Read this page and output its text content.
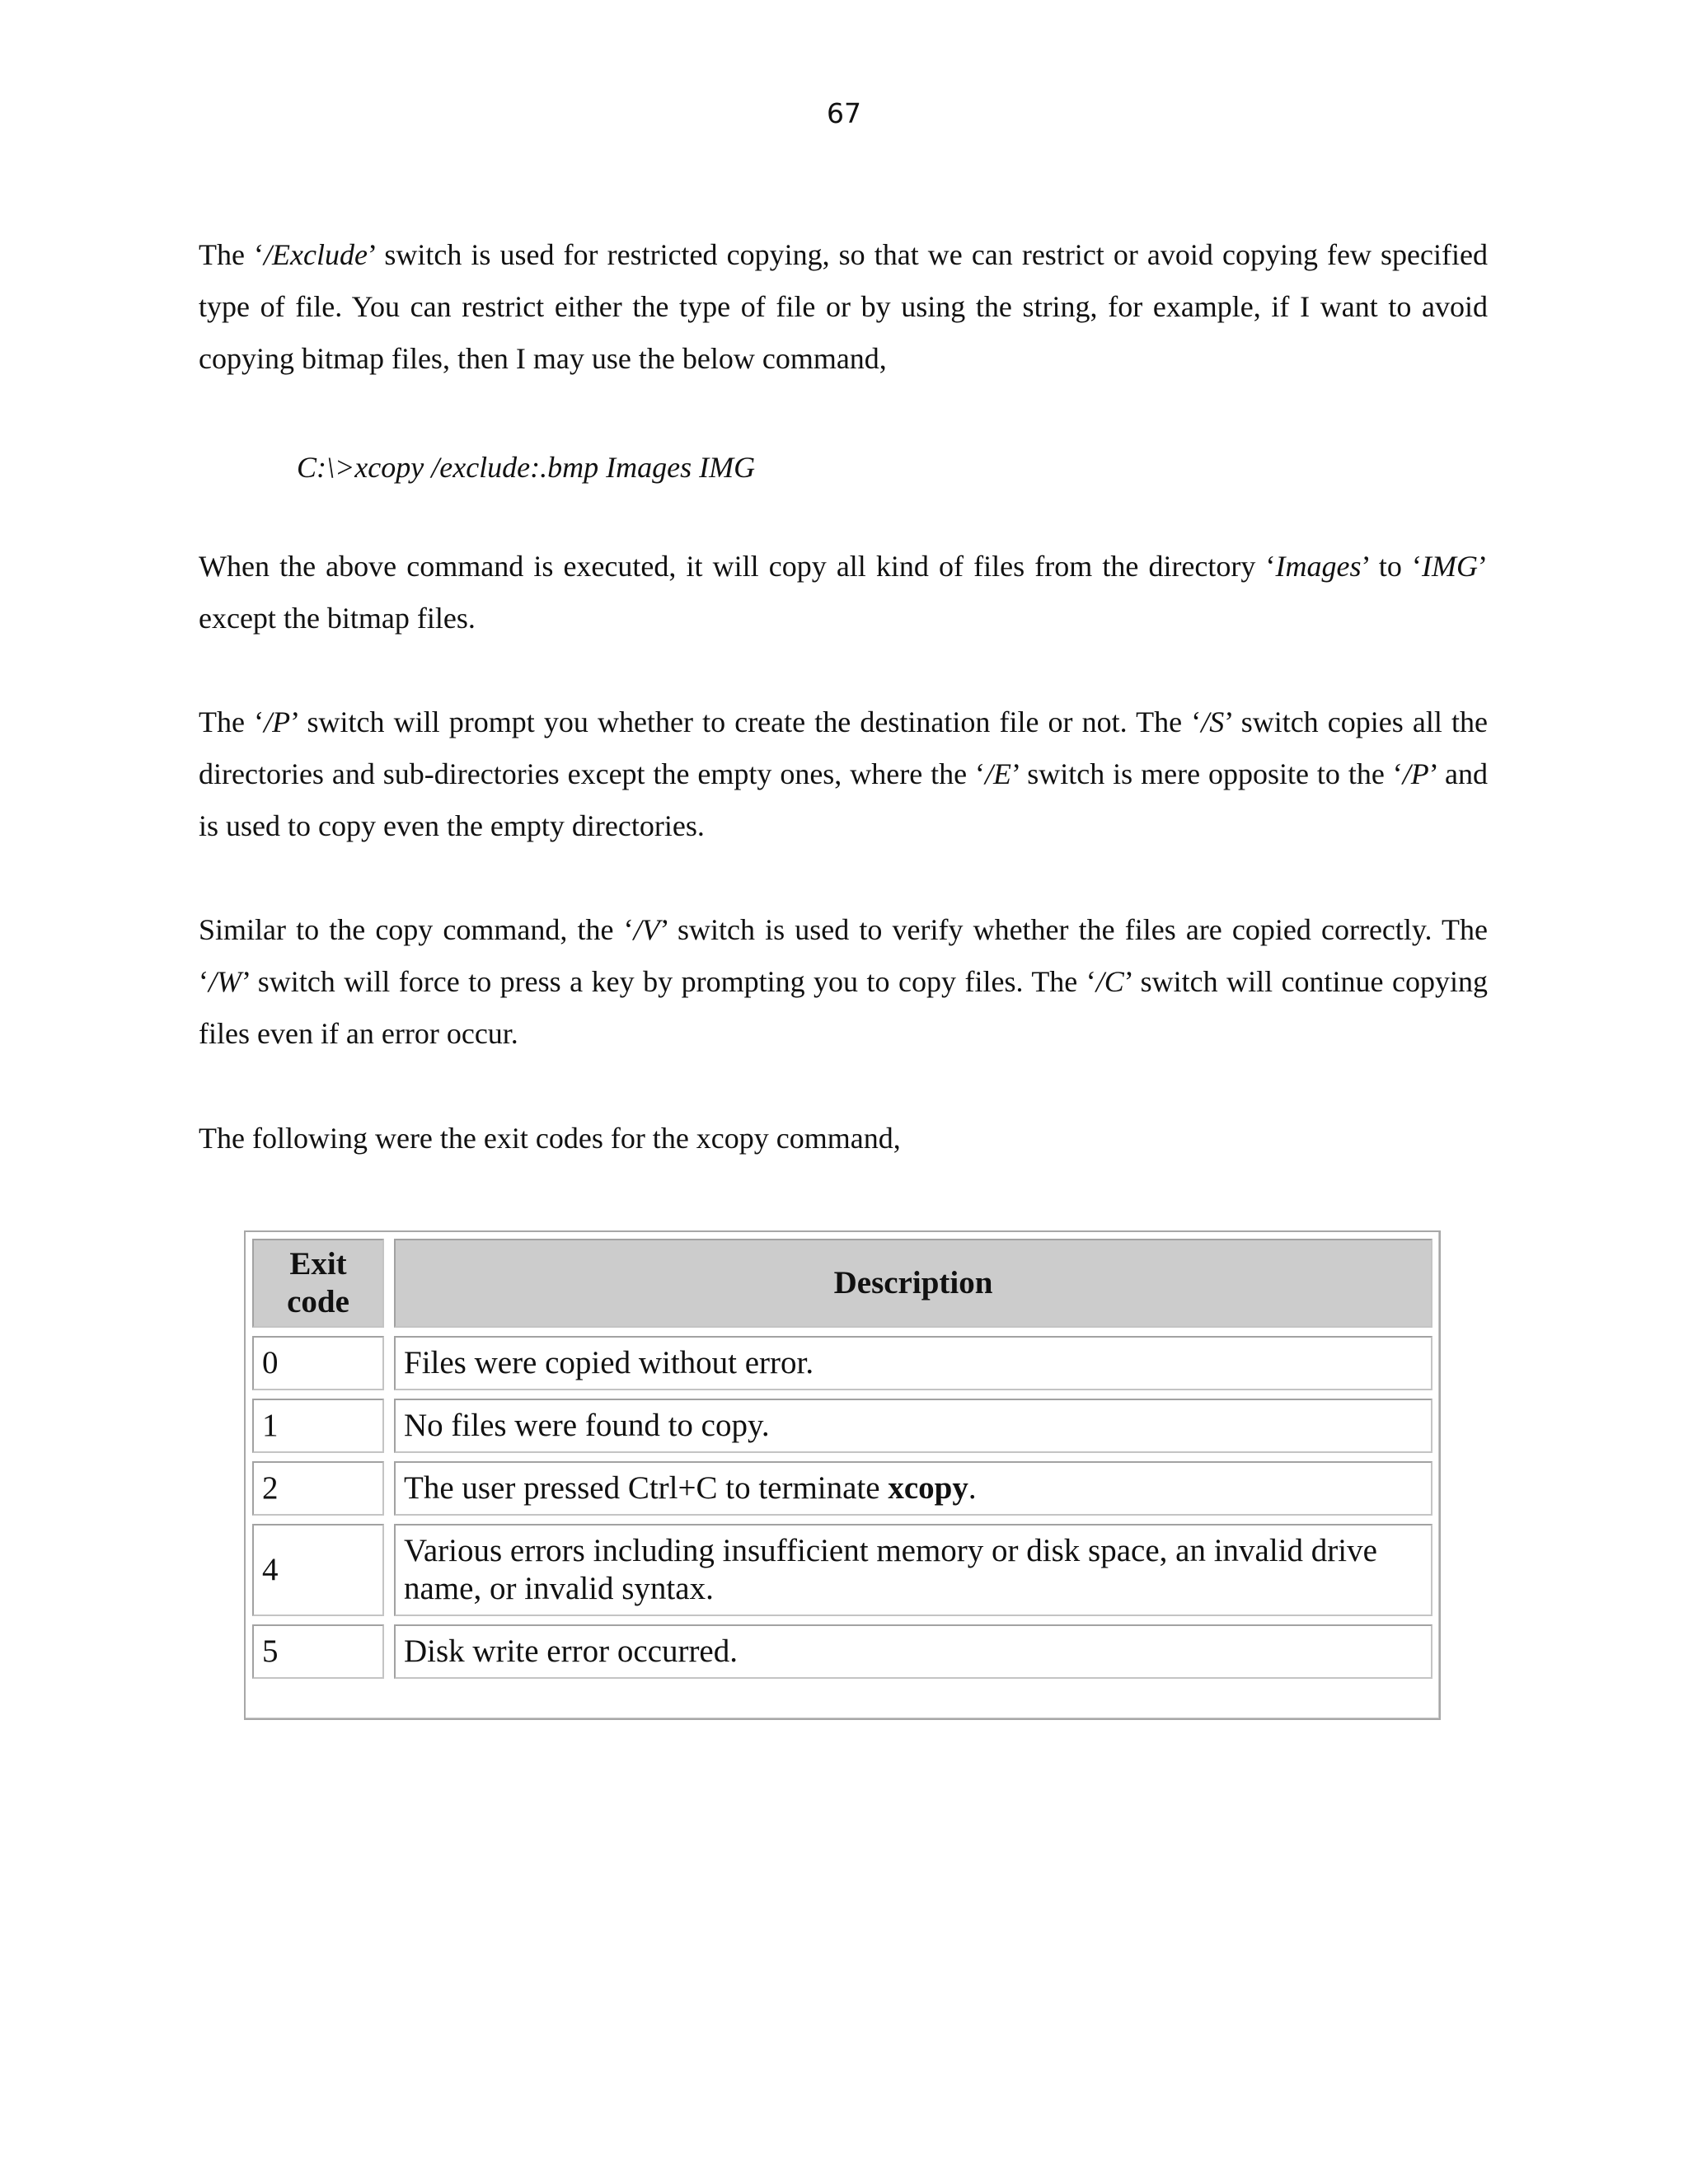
67

The ‘/Exclude’ switch is used for restricted copying, so that we can restrict or avoid copying few specified type of file. You can restrict either the type of file or by using the string, for example, if I want to avoid copying bitmap files, then I may use the below command,

C:\>xcopy /exclude:.bmp Images IMG

When the above command is executed, it will copy all kind of files from the directory ‘Images’ to ‘IMG’ except the bitmap files.

The ‘/P’ switch will prompt you whether to create the destination file or not. The ‘/S’ switch copies all the directories and sub-directories except the empty ones, where the ‘/E’ switch is mere opposite to the ‘/P’ and is used to copy even the empty directories.

Similar to the copy command, the ‘/V’ switch is used to verify whether the files are copied correctly. The ‘/W’ switch will force to press a key by prompting you to copy files. The ‘/C’ switch will continue copying files even if an error occur.

The following were the exit codes for the xcopy command,

Exit
code		Description

0		Files were copied without error.

1		No files were found to copy.

2		The user pressed Ctrl+C to terminate xcopy.

4		Various errors including insufficient memory or disk space, an invalid drive name, or invalid syntax.

5		Disk write error occurred.
